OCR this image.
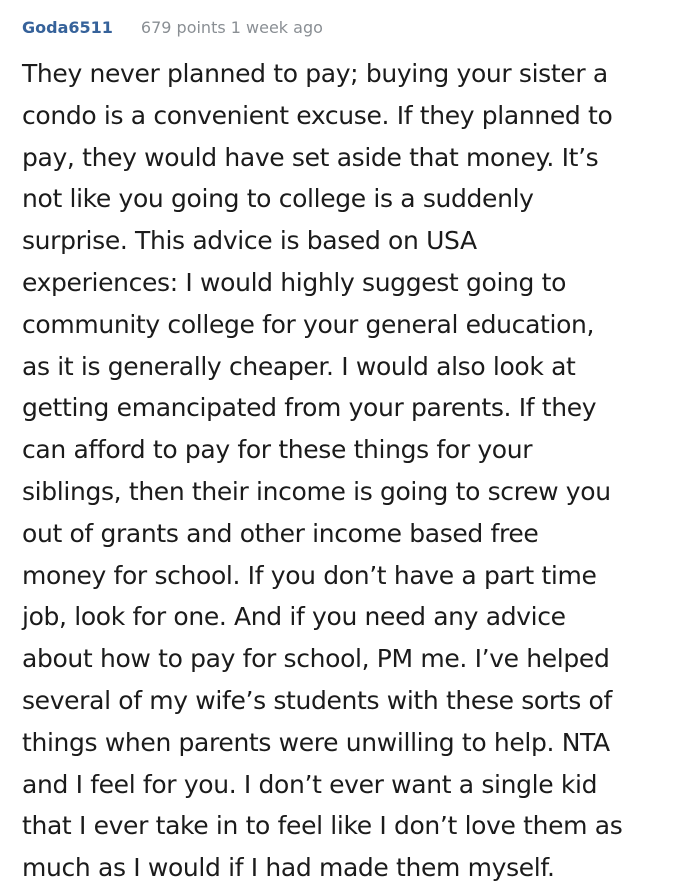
Goda6511 679 points 1 week ago
They never planned to pay; buying your sister a
condo is a convenient excuse. If they planned to
pay, they would have set aside that money. It’s
not like you going to college is a suddenly
surprise. This advice is based on USA
experiences: I would highly suggest going to
community college for your general education,
as it is generally cheaper. I would also look at
getting emancipated from your parents. If they
can afford to pay for these things for your
siblings, then their income is going to screw you
out of grants and other income based free
money for school. If you don’t have a part time
job, look for one. And if you need any advice
about how to pay for school, PM me. I’ve helped
several of my wife’s students with these sorts of
things when parents were unwilling to help. NTA
and I feel for you. I don’t ever want a single kid
that I ever take in to feel like I don’t love them as
much as I would if I had made them myself.
